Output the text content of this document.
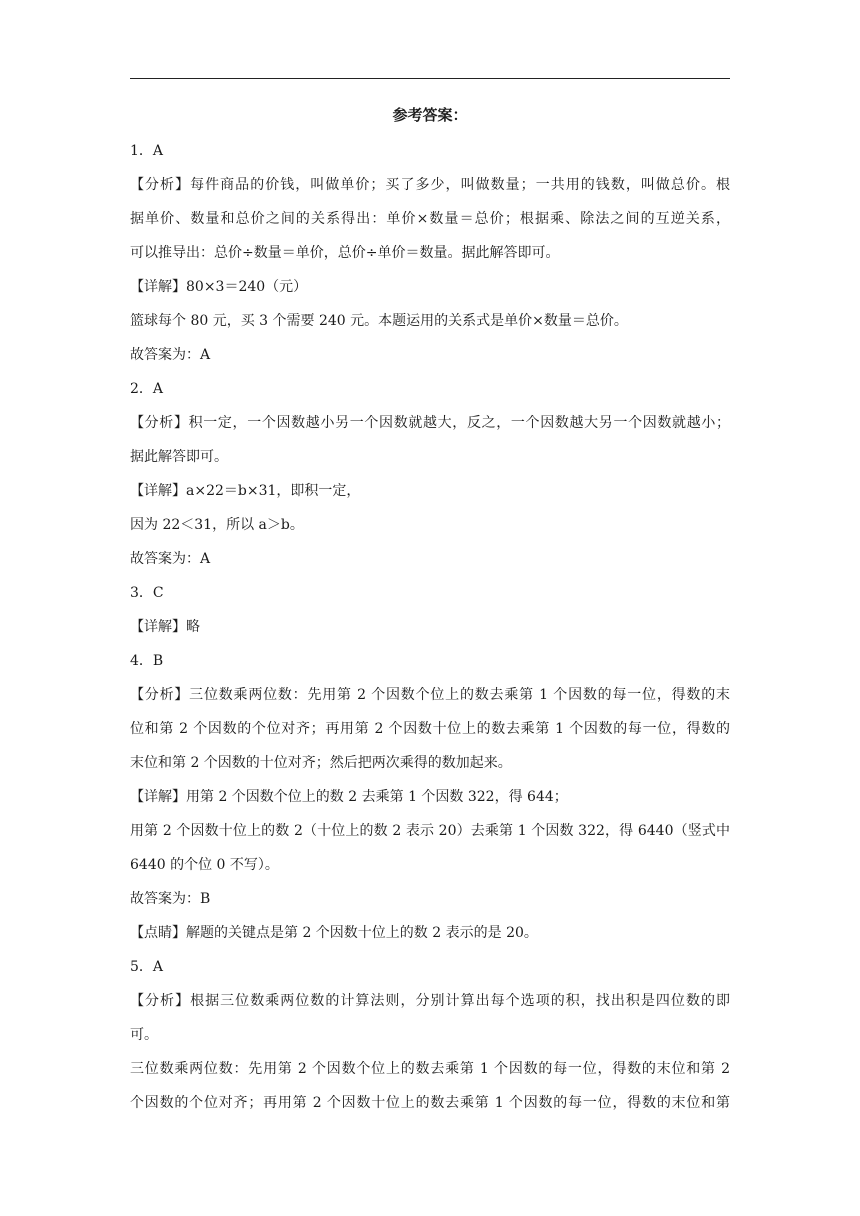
参考答案：
1．A
【分析】每件商品的价钱，叫做单价；买了多少，叫做数量；一共用的钱数，叫做总价。根
据单价、数量和总价之间的关系得出：单价×数量＝总价；根据乘、除法之间的互逆关系，
可以推导出：总价÷数量＝单价，总价÷单价＝数量。据此解答即可。
【详解】80×3＝240（元）
篮球每个 80 元，买 3 个需要 240 元。本题运用的关系式是单价×数量＝总价。
故答案为：A
2．A
【分析】积一定，一个因数越小另一个因数就越大，反之，一个因数越大另一个因数就越小；
据此解答即可。
【详解】a×22＝b×31，即积一定，
因为 22＜31，所以 a＞b。
故答案为：A
3．C
【详解】略
4．B
【分析】三位数乘两位数：先用第 2 个因数个位上的数去乘第 1 个因数的每一位，得数的末
位和第 2 个因数的个位对齐；再用第 2 个因数十位上的数去乘第 1 个因数的每一位，得数的
末位和第 2 个因数的十位对齐；然后把两次乘得的数加起来。
【详解】用第 2 个因数个位上的数 2 去乘第 1 个因数 322，得 644；
用第 2 个因数十位上的数 2（十位上的数 2 表示 20）去乘第 1 个因数 322，得 6440（竖式中
6440 的个位 0 不写）。
故答案为：B
【点睛】解题的关键点是第 2 个因数十位上的数 2 表示的是 20。
5．A
【分析】根据三位数乘两位数的计算法则，分别计算出每个选项的积，找出积是四位数的即
可。
三位数乘两位数：先用第 2 个因数个位上的数去乘第 1 个因数的每一位，得数的末位和第 2
个因数的个位对齐；再用第 2 个因数十位上的数去乘第 1 个因数的每一位，得数的末位和第
